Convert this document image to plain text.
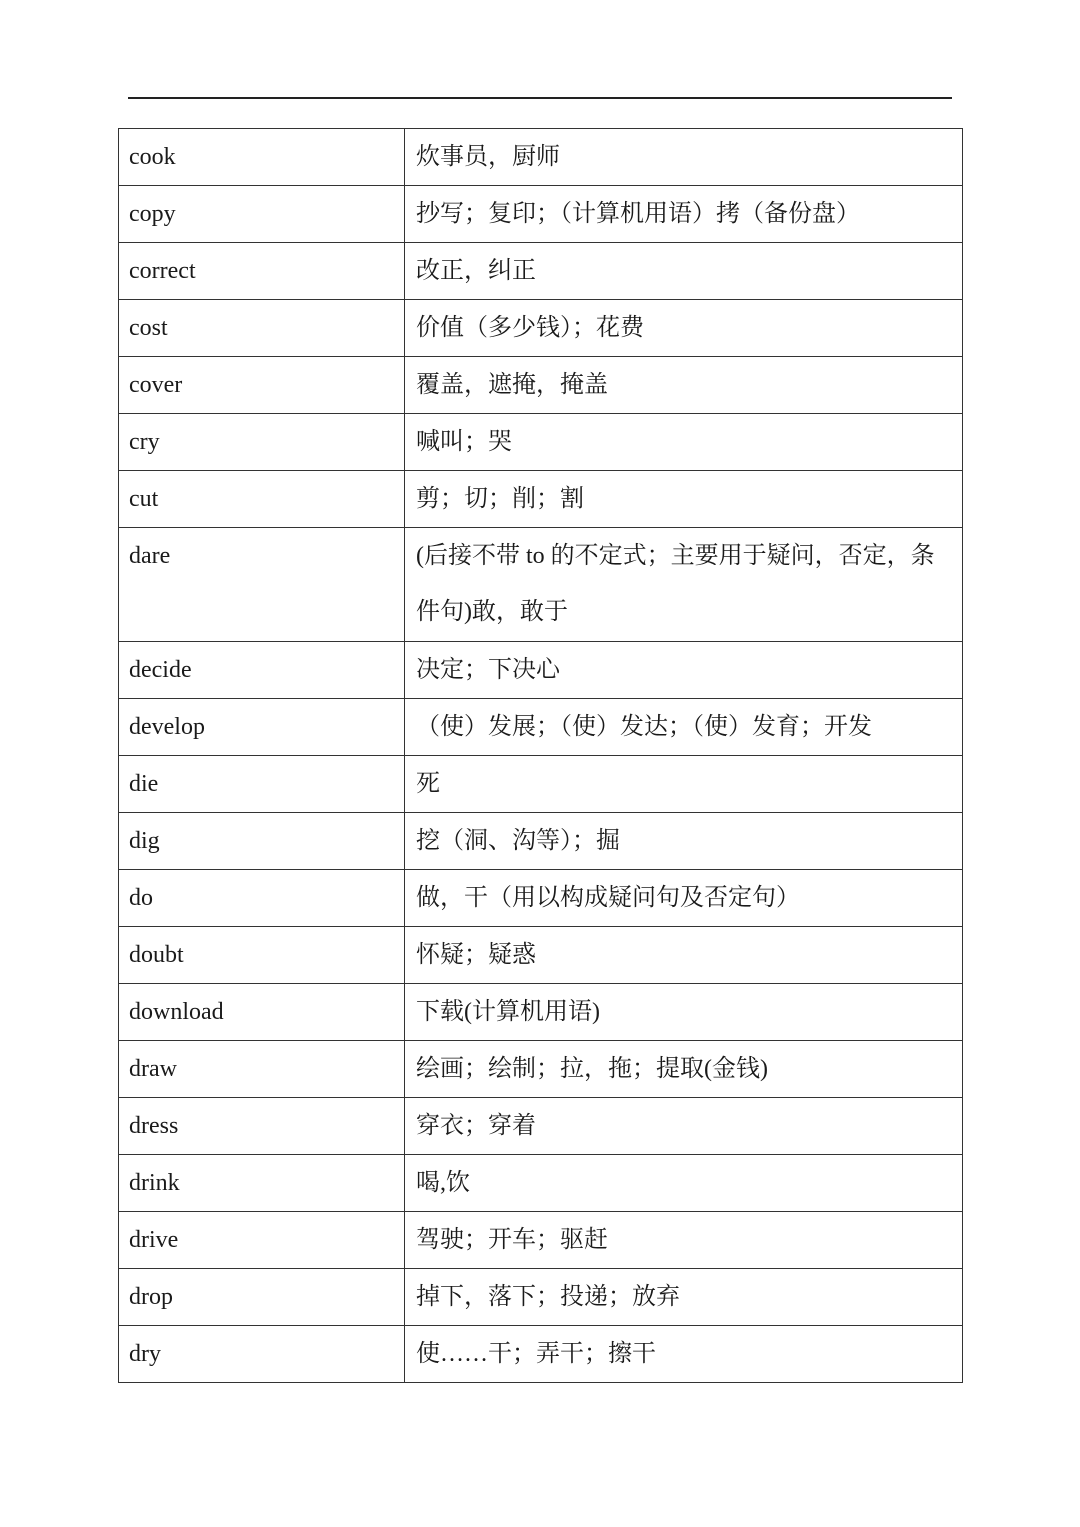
cook	炊事员，厨师
copy	抄写；复印；（计算机用语）拷（备份盘）
correct	改正，纠正
cost	价值（多少钱）；花费
cover	覆盖，遮掩，掩盖
cry	喊叫；哭
cut	剪；切；削；割
dare	(后接不带 to 的不定式；主要用于疑问，否定，条件句)敢，敢于
decide	决定；下决心
develop	（使）发展；（使）发达；（使）发育；开发
die	死
dig	挖（洞、沟等）；掘
do	做，干（用以构成疑问句及否定句）
doubt	怀疑；疑惑
download	下载(计算机用语)
draw	绘画；绘制；拉，拖；提取(金钱)
dress	穿衣；穿着
drink	喝,饮
drive	驾驶；开车；驱赶
drop	掉下，落下；投递；放弃
dry	使……干；弄干；擦干
